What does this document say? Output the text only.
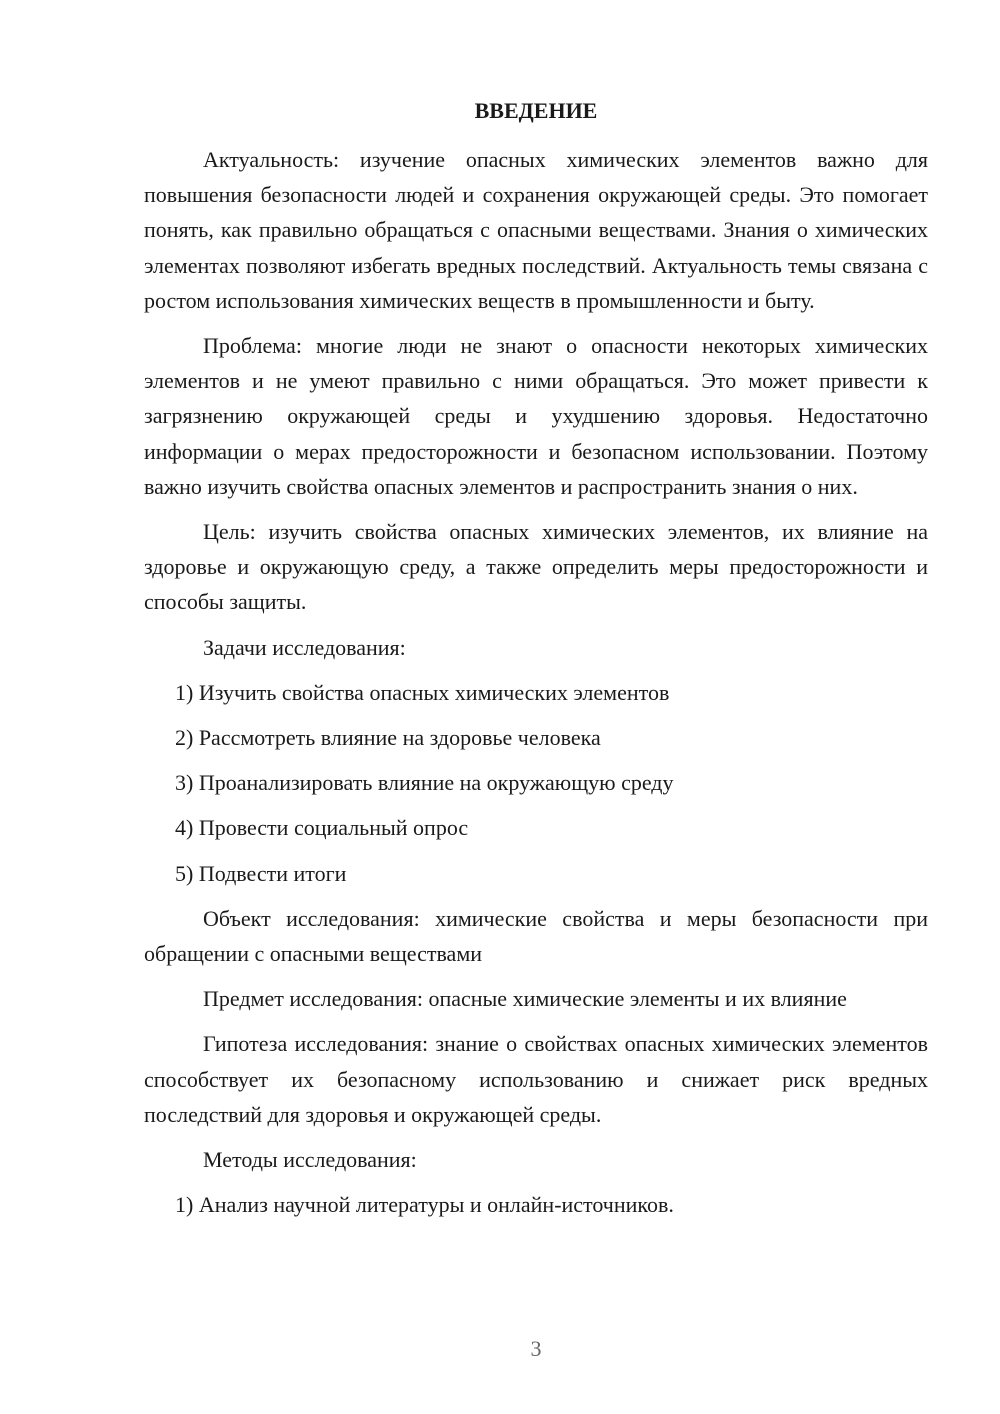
ВВЕДЕНИЕ

Актуальность: изучение опасных химических элементов важно для повышения безопасности людей и сохранения окружающей среды. Это помогает понять, как правильно обращаться с опасными веществами. Знания о химических элементах позволяют избегать вредных последствий. Актуальность темы связана с ростом использования химических веществ в промышленности и быту.

Проблема: многие люди не знают о опасности некоторых химических элементов и не умеют правильно с ними обращаться. Это может привести к загрязнению окружающей среды и ухудшению здоровья. Недостаточно информации о мерах предосторожности и безопасном использовании. Поэтому важно изучить свойства опасных элементов и распространить знания о них.

Цель: изучить свойства опасных химических элементов, их влияние на здоровье и окружающую среду, а также определить меры предосторожности и способы защиты.

Задачи исследования:

1) Изучить свойства опасных химических элементов

2) Рассмотреть влияние на здоровье человека

3) Проанализировать влияние на окружающую среду

4) Провести социальный опрос

5) Подвести итоги

Объект исследования: химические свойства и меры безопасности при обращении с опасными веществами

Предмет исследования: опасные химические элементы и их влияние

Гипотеза исследования: знание о свойствах опасных химических элементов способствует их безопасному использованию и снижает риск вредных последствий для здоровья и окружающей среды.

Методы исследования:

1) Анализ научной литературы и онлайн-источников.

3
